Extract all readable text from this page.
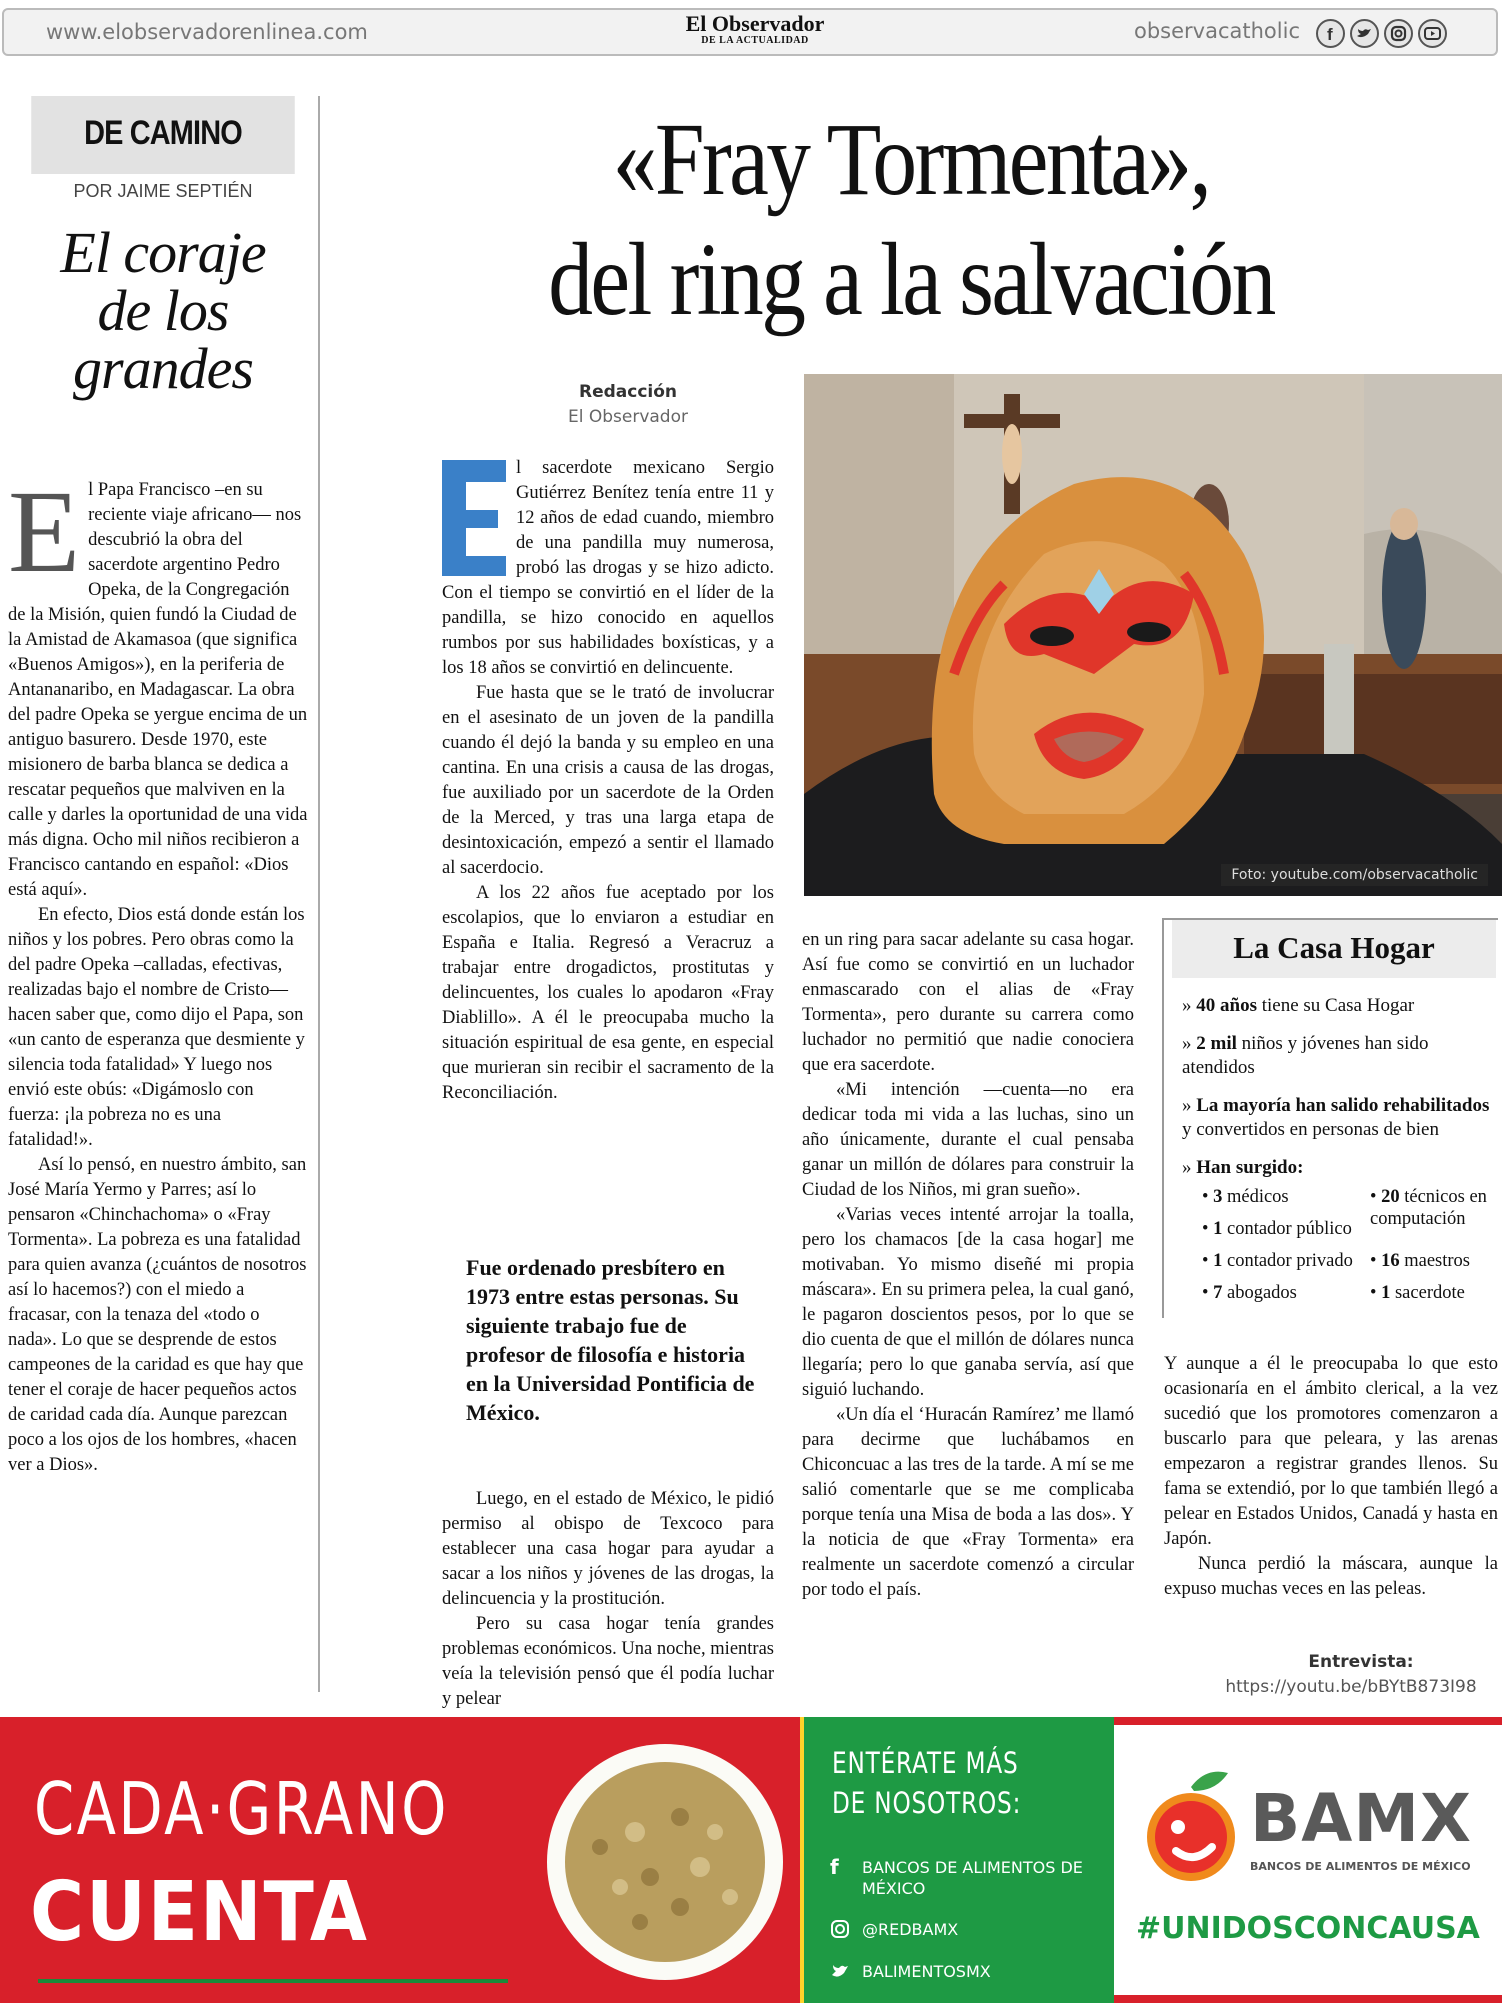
www.elobservadorenlinea.com	El Observador
DE LA ACTUALIDAD	observacatholic f
DE CAMINO
POR JAIME SEPTIÉN
El coraje
de los
grandes

El Papa Francisco –en su reciente viaje africano— nos descubrió la obra del sacerdote argentino Pedro Opeka, de la Congregación de la Misión, quien fundó la Ciudad de la Amistad de Akamasoa (que significa «Buenos Amigos»), en la periferia de Antananaribo, en Madagascar. La obra del padre Opeka se yergue encima de un antiguo basurero. Desde 1970, este misionero de barba blanca se dedica a rescatar pequeños que malviven en la calle y darles la oportunidad de una vida más digna. Ocho mil niños recibieron a Francisco cantando en español: «Dios está aquí».

En efecto, Dios está donde están los niños y los pobres. Pero obras como la del padre Opeka –calladas, efectivas, realizadas bajo el nombre de Cristo—hacen saber que, como dijo el Papa, son «un canto de esperanza que desmiente y silencia toda fatalidad» Y luego nos envió este obús: «Digámoslo con fuerza: ¡la pobreza no es una fatalidad!».

Así lo pensó, en nuestro ámbito, san José María Yermo y Parres; así lo pensaron «Chinchachoma» o «Fray Tormenta». La pobreza es una fatalidad para quien avanza (¿cuántos de nosotros así lo hacemos?) con el miedo a fracasar, con la tenaza del «todo o nada». Lo que se desprende de estos campeones de la caridad es que hay que tener el coraje de hacer pequeños actos de caridad cada día. Aunque parezcan poco a los ojos de los hombres, «hacen ver a Dios».

«Fray Tormenta»,
del ring a la salvación
Redacción
El Observador
Foto: youtube.com/observacatholic

l sacerdote mexicano Sergio Gutiérrez Benítez tenía entre 11 y 12 años de edad cuando, miembro de una pandilla muy numerosa, probó las drogas y se hizo adicto. Con el tiempo se convirtió en el líder de la pandilla, se hizo conocido en aquellos rumbos por sus habilidades boxísticas, y a los 18 años se convirtió en delincuente.

Fue hasta que se le trató de involucrar en el asesinato de un joven de la pandilla cuando él dejó la banda y su empleo en una cantina. En una crisis a causa de las drogas, fue auxiliado por un sacerdote de la Orden de la Merced, y tras una larga etapa de desintoxicación, empezó a sentir el llamado al sacerdocio.

A los 22 años fue aceptado por los escolapios, que lo enviaron a estudiar en España e Italia. Regresó a Veracruz a trabajar entre drogadictos, prostitutas y delincuentes, los cuales lo apodaron «Fray Diablillo». A él le preocupaba mucho la situación espiritual de esa gente, en especial que murieran sin recibir el sacramento de la Reconciliación.

Fue ordenado presbítero en 1973 entre estas personas. Su siguiente trabajo fue de profesor de filosofía e historia en la Universidad Pontificia de México.

Luego, en el estado de México, le pidió permiso al obispo de Texcoco para establecer una casa hogar para ayudar a sacar a los niños y jóvenes de las drogas, la delincuencia y la prostitución.

Pero su casa hogar tenía grandes problemas económicos. Una noche, mientras veía la televisión pensó que él podía luchar y pelear

en un ring para sacar adelante su casa hogar. Así fue como se convirtió en un luchador enmascarado con el alias de «Fray Tormenta», pero durante su carrera como luchador no permitió que nadie conociera que era sacerdote.

«Mi intención —cuenta—no era dedicar toda mi vida a las luchas, sino un año únicamente, durante el cual pensaba ganar un millón de dólares para construir la Ciudad de los Niños, mi gran sueño».

«Varias veces intenté arrojar la toalla, pero los chamacos [de la casa hogar] me motivaban. Yo mismo diseñé mi propia máscara». En su primera pelea, la cual ganó, le pagaron doscientos pesos, por lo que se dio cuenta de que el millón de dólares nunca llegaría; pero lo que ganaba servía, así que siguió luchando.

«Un día el ‘Huracán Ramírez’ me llamó para decirme que luchábamos en Chiconcuac a las tres de la tarde. A mí se me salió comentarle que se me complicaba porque tenía una Misa de boda a las dos». Y la noticia de que «Fray Tormenta» era realmente un sacerdote comenzó a circular por todo el país.

La Casa Hogar
» 40 años tiene su Casa Hogar
» 2 mil niños y jóvenes han sido atendidos
» La mayoría han salido rehabilitados y convertidos en personas de bien
» Han surgido:
• 3 médicos
• 1 contador público
• 1 contador privado
• 7 abogados
• 20 técnicos en computación
• 16 maestros
• 1 sacerdote

Y aunque a él le preocupaba lo que esto ocasionaría en el ámbito clerical, a la vez sucedió que los promotores comenzaron a buscarlo para que peleara, y las arenas empezaron a registrar grandes llenos. Su fama se extendió, por lo que también llegó a pelear en Estados Unidos, Canadá y hasta en Japón.

Nunca perdió la máscara, aunque la expuso muchas veces en las peleas.

Entrevista:
https://youtu.be/bBYtB873I98
CADA·GRANO
CUENTA
ENTÉRATE MÁS
DE NOSOTROS:
f BANCOS DE ALIMENTOS DE MÉXICO
@REDBAMX
BALIMENTOSMX
BAMX
BANCOS DE ALIMENTOS DE MÉXICO
#UNIDOSCONCAUSA
